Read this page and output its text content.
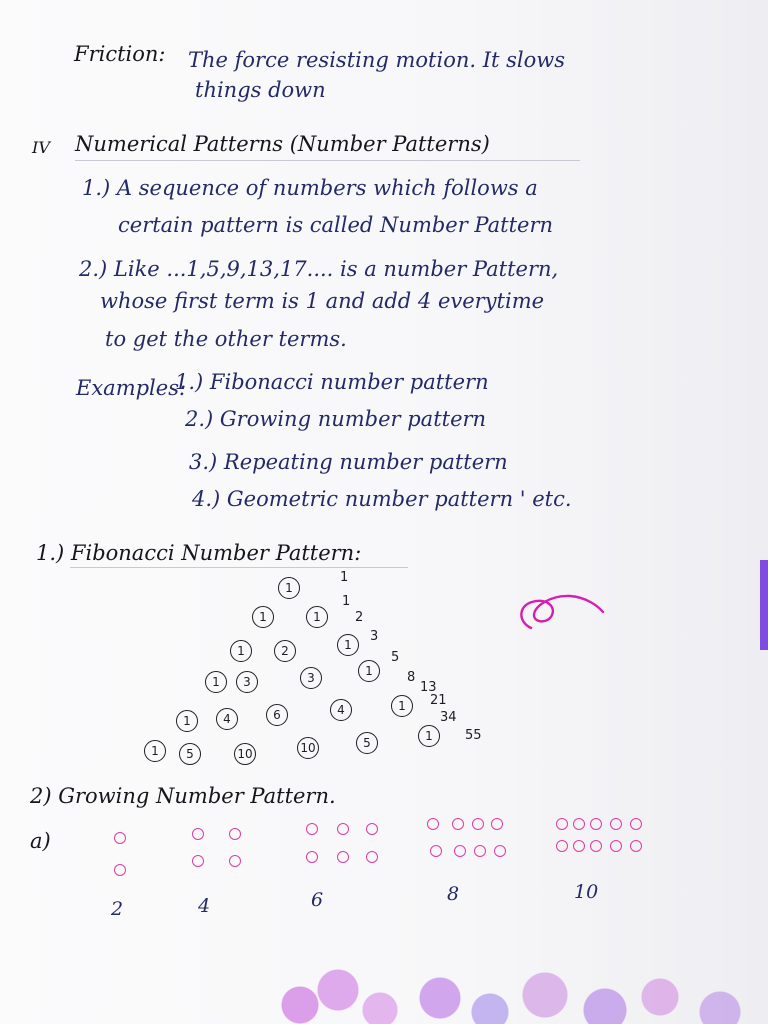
Friction: The force resisting motion. It slows
things down
IV Numerical Patterns (Number Patterns)
1.) A sequence of numbers which follows a
certain pattern is called Number Pattern
2.) Like ...1,5,9,13,17.... is a number Pattern,
whose first term is 1 and add 4 everytime
to get the other terms.
Examples:
1.) Fibonacci number pattern
2.) Growing number pattern
3.) Repeating number pattern
4.) Geometric number pattern ' etc.
1.) Fibonacci Number Pattern:
1
1
1	1
1
2
1	2	1
3
1	3	3	1
5
1	4	6	4	1
8
1	5	10	10	5	1
13
21
34
55
2) Growing Number Pattern.
a)
2	4	6	8	10
